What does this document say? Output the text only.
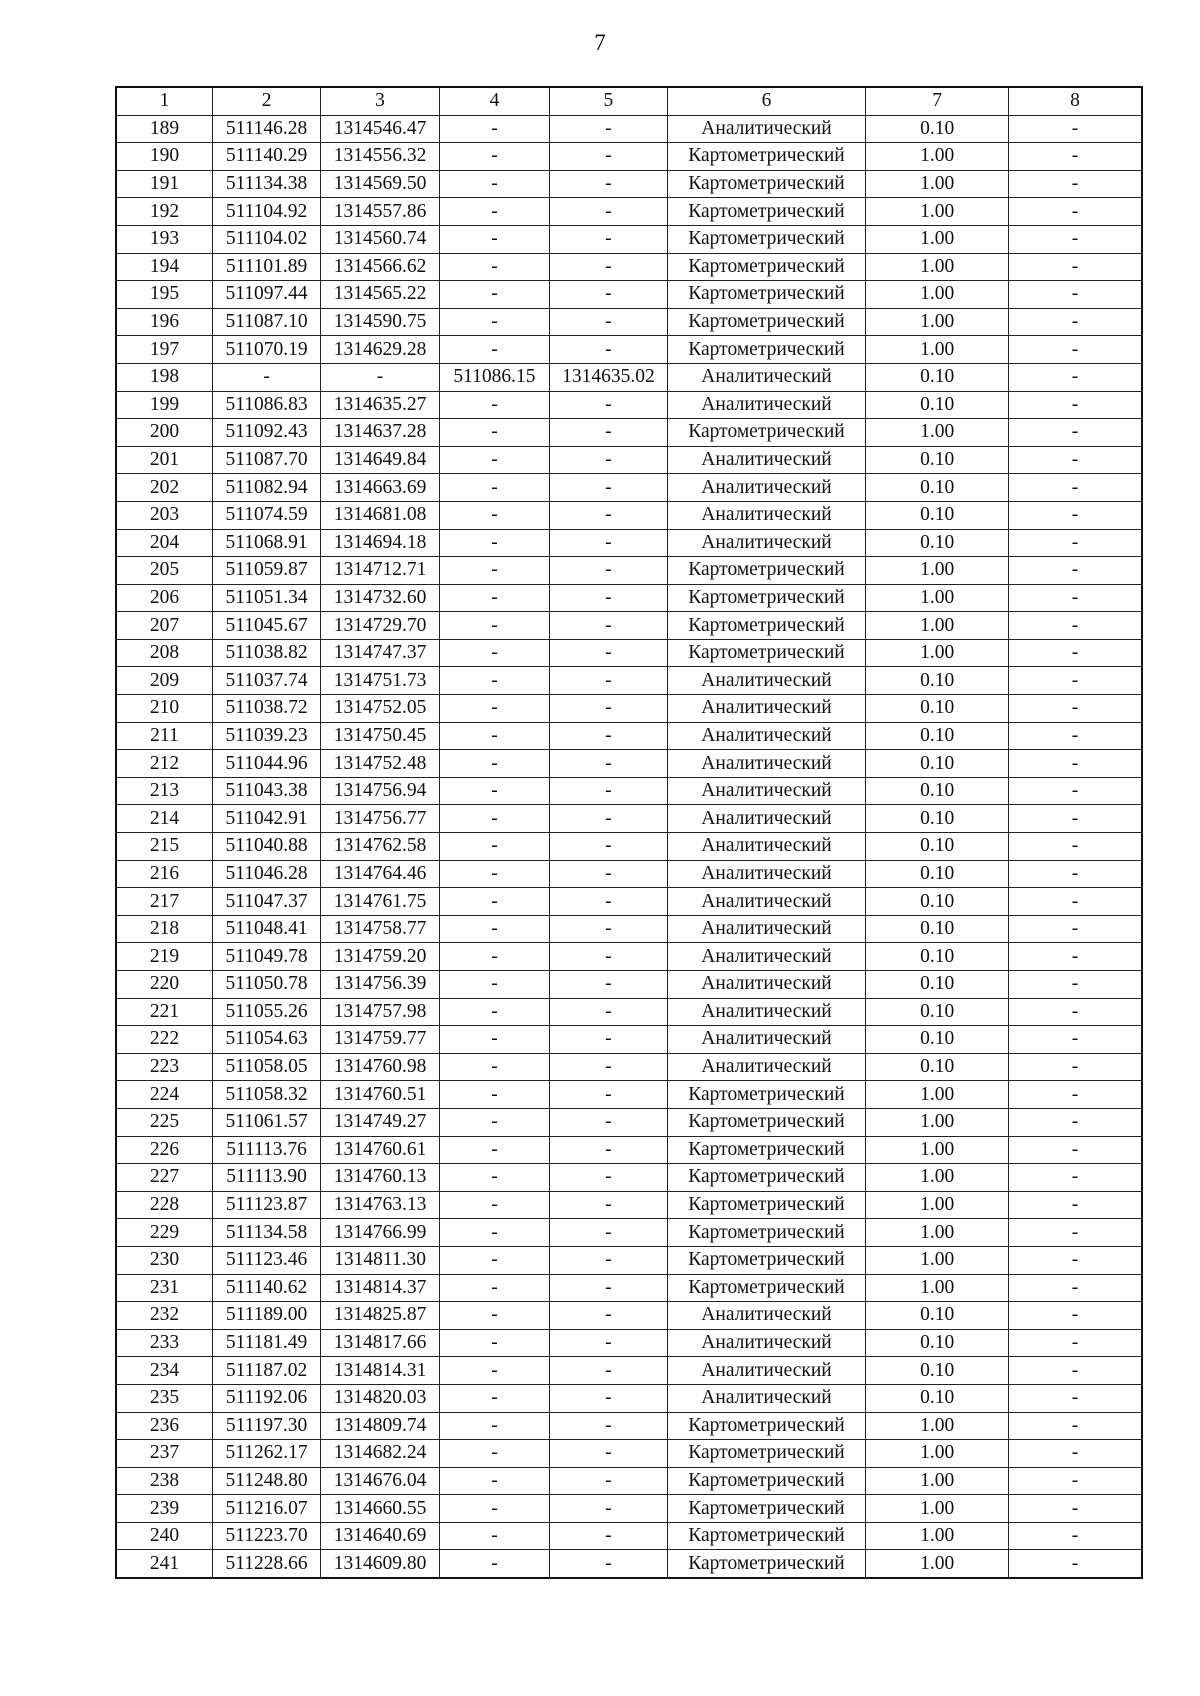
7
1	2	3	4	5	6	7	8
189	511146.28	1314546.47	-	-	Аналитический	0.10	-
190	511140.29	1314556.32	-	-	Картометрический	1.00	-
191	511134.38	1314569.50	-	-	Картометрический	1.00	-
192	511104.92	1314557.86	-	-	Картометрический	1.00	-
193	511104.02	1314560.74	-	-	Картометрический	1.00	-
194	511101.89	1314566.62	-	-	Картометрический	1.00	-
195	511097.44	1314565.22	-	-	Картометрический	1.00	-
196	511087.10	1314590.75	-	-	Картометрический	1.00	-
197	511070.19	1314629.28	-	-	Картометрический	1.00	-
198	-	-	511086.15	1314635.02	Аналитический	0.10	-
199	511086.83	1314635.27	-	-	Аналитический	0.10	-
200	511092.43	1314637.28	-	-	Картометрический	1.00	-
201	511087.70	1314649.84	-	-	Аналитический	0.10	-
202	511082.94	1314663.69	-	-	Аналитический	0.10	-
203	511074.59	1314681.08	-	-	Аналитический	0.10	-
204	511068.91	1314694.18	-	-	Аналитический	0.10	-
205	511059.87	1314712.71	-	-	Картометрический	1.00	-
206	511051.34	1314732.60	-	-	Картометрический	1.00	-
207	511045.67	1314729.70	-	-	Картометрический	1.00	-
208	511038.82	1314747.37	-	-	Картометрический	1.00	-
209	511037.74	1314751.73	-	-	Аналитический	0.10	-
210	511038.72	1314752.05	-	-	Аналитический	0.10	-
211	511039.23	1314750.45	-	-	Аналитический	0.10	-
212	511044.96	1314752.48	-	-	Аналитический	0.10	-
213	511043.38	1314756.94	-	-	Аналитический	0.10	-
214	511042.91	1314756.77	-	-	Аналитический	0.10	-
215	511040.88	1314762.58	-	-	Аналитический	0.10	-
216	511046.28	1314764.46	-	-	Аналитический	0.10	-
217	511047.37	1314761.75	-	-	Аналитический	0.10	-
218	511048.41	1314758.77	-	-	Аналитический	0.10	-
219	511049.78	1314759.20	-	-	Аналитический	0.10	-
220	511050.78	1314756.39	-	-	Аналитический	0.10	-
221	511055.26	1314757.98	-	-	Аналитический	0.10	-
222	511054.63	1314759.77	-	-	Аналитический	0.10	-
223	511058.05	1314760.98	-	-	Аналитический	0.10	-
224	511058.32	1314760.51	-	-	Картометрический	1.00	-
225	511061.57	1314749.27	-	-	Картометрический	1.00	-
226	511113.76	1314760.61	-	-	Картометрический	1.00	-
227	511113.90	1314760.13	-	-	Картометрический	1.00	-
228	511123.87	1314763.13	-	-	Картометрический	1.00	-
229	511134.58	1314766.99	-	-	Картометрический	1.00	-
230	511123.46	1314811.30	-	-	Картометрический	1.00	-
231	511140.62	1314814.37	-	-	Картометрический	1.00	-
232	511189.00	1314825.87	-	-	Аналитический	0.10	-
233	511181.49	1314817.66	-	-	Аналитический	0.10	-
234	511187.02	1314814.31	-	-	Аналитический	0.10	-
235	511192.06	1314820.03	-	-	Аналитический	0.10	-
236	511197.30	1314809.74	-	-	Картометрический	1.00	-
237	511262.17	1314682.24	-	-	Картометрический	1.00	-
238	511248.80	1314676.04	-	-	Картометрический	1.00	-
239	511216.07	1314660.55	-	-	Картометрический	1.00	-
240	511223.70	1314640.69	-	-	Картометрический	1.00	-
241	511228.66	1314609.80	-	-	Картометрический	1.00	-
